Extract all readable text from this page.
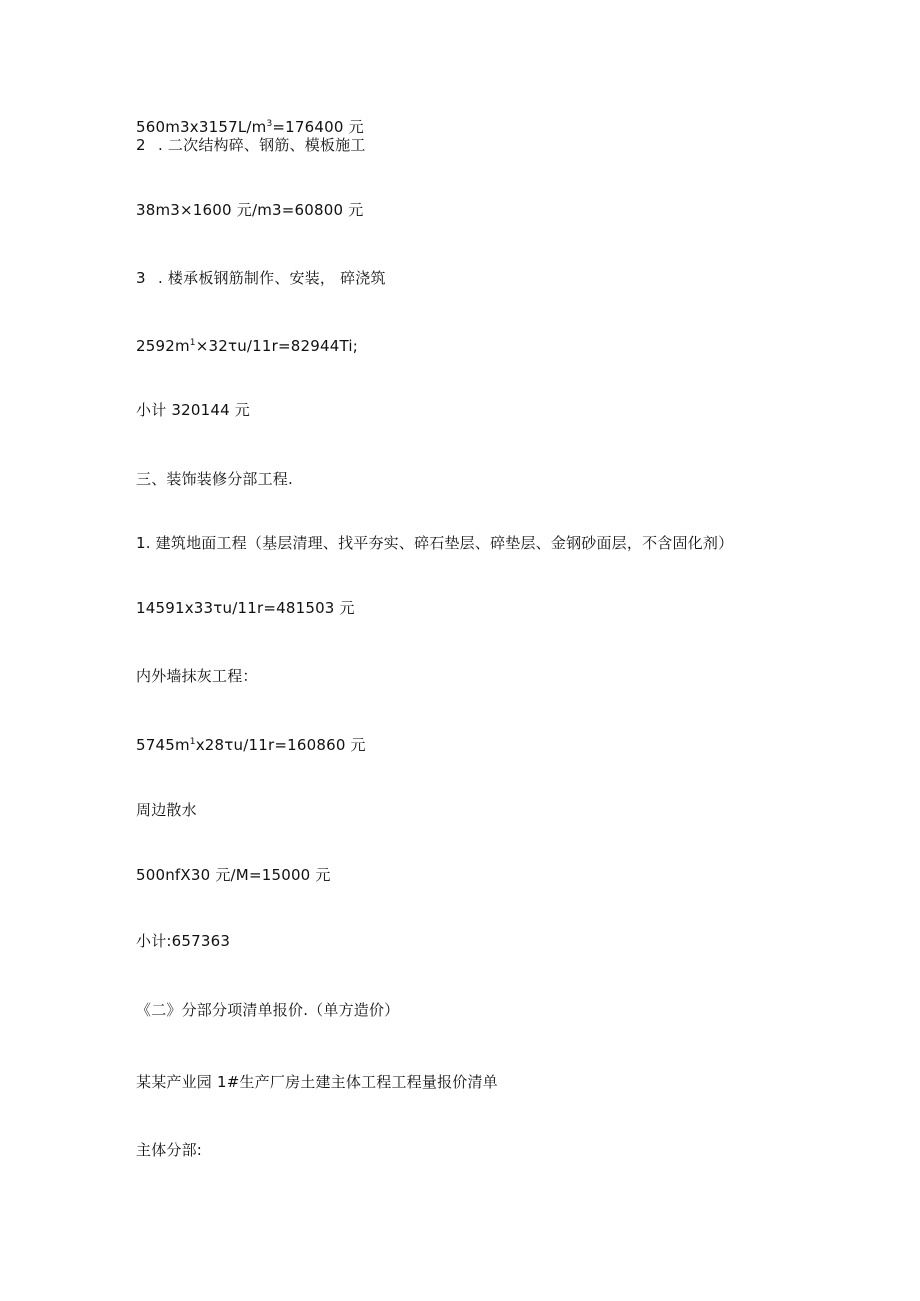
$560m3x3157L∕m^3=176400$ 元
2 . 二次结构碎、钢筋、模板施工
38m3×1600 元∕m3=60800 元
3 . 楼承板钢筋制作、安装， 碎浇筑
$2592m^1\times 32\tau u∕11r=82944Ti$;
小计 320144 元
三、装饰装修分部工程.
1. 建筑地面工程（基层清理、找平夯实、碎石垫层、碎垫层、金钢砂面层，不含固化剂）
14591x33τu∕11r=481503 元
内外墙抹灰工程：
$5745m^1x28\tau u∕11r=160860$ 元
周边散水
500nfX30 元∕M=15000 元
小计:657363
《二》分部分项清单报价.（单方造价）
某某产业园 1#生产厂房土建主体工程工程量报价清单
主体分部:
